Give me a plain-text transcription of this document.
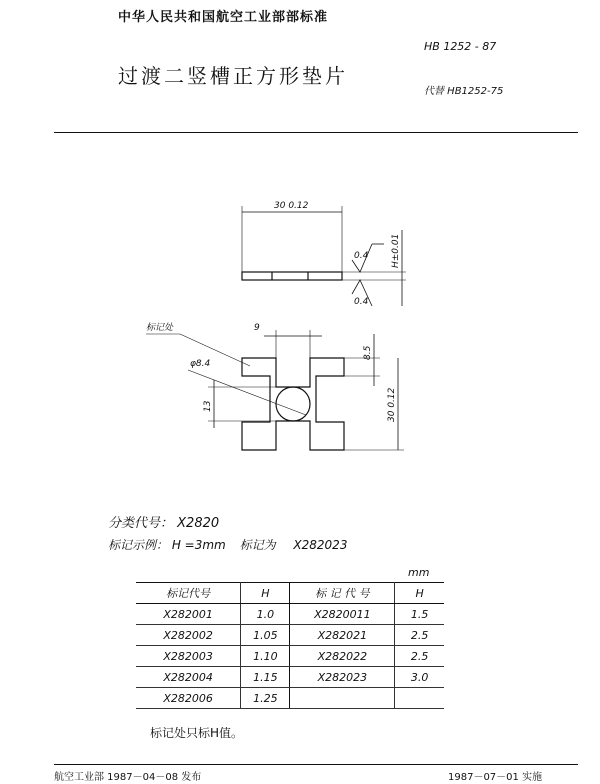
中华人民共和国航空工业部部标准
HB 1252 - 87
过渡二竖槽正方形垫片
代替 HB1252-75
30 0.12
0.4
0.4
H±0.01
标记处	9
8.5
φ8.4
13	30 0.12
分类代号： X2820
标记示例： H =3mm 标记为 X282023
mm
标记代号	H	标 记 代 号	H
X282001	1.0	X2820011	1.5
X282002	1.05	X282021	2.5
X282003	1.10	X282022	2.5
X282004	1.15	X282023	3.0
X282006	1.25		
标记处只标H值。
航空工业部 1987－04－08 发布	1987－07－01 实施
